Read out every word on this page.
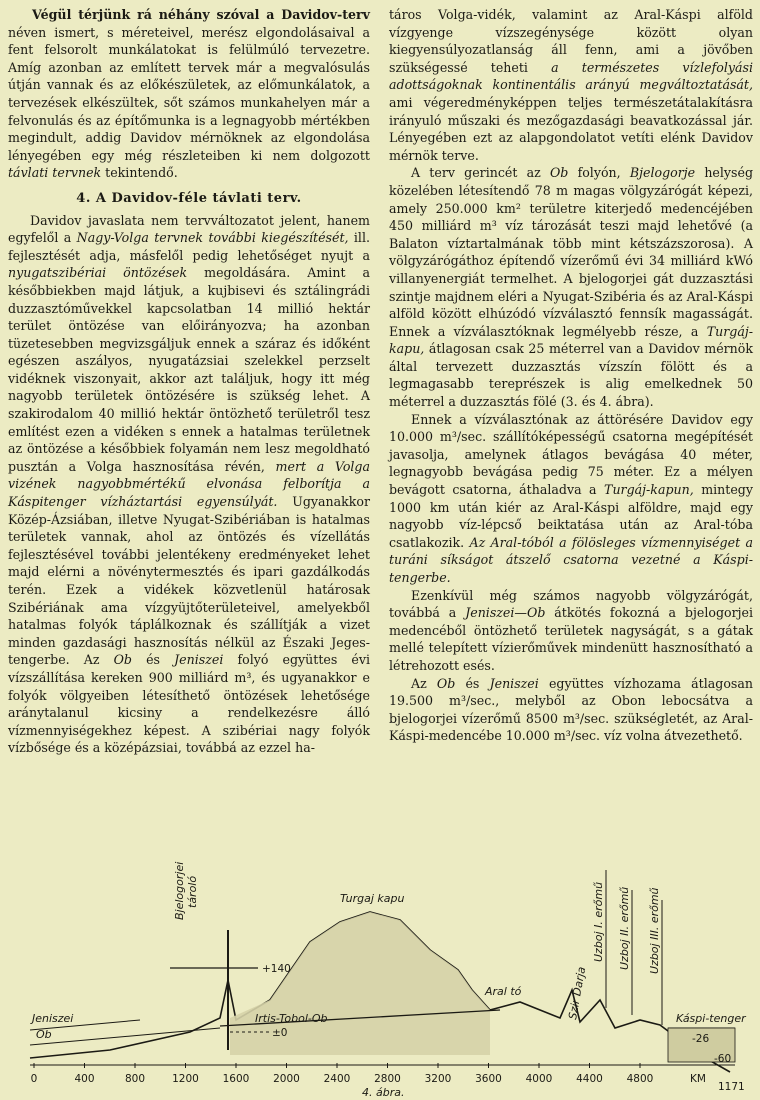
Végül térjünk rá néhány szóval a Davidov-terv néven ismert, s méreteivel, merész elgondolásaival a fent felsorolt munkálatokat is felülmúló tervezetre. Amíg azonban az említett tervek már a megvalósulás útján vannak és az előkészületek, az előmunkálatok, a tervezések elkészültek, sőt számos munkahelyen már a felvonulás és az építőmunka is a legnagyobb mértékben megindult, addig Davidov mérnöknek az elgondolása lényegében egy még részleteiben ki nem dolgozott távlati tervnek tekintendő.

4. A Davidov-féle távlati terv.

Davidov javaslata nem tervváltozatot jelent, hanem egyfelől a Nagy-Volga tervnek további kiegészítését, ill. fejlesztését adja, másfelől pedig lehetőséget nyujt a nyugatszibériai öntözések megoldására. Amint a későbbiekben majd látjuk, a kujbisevi és sztálingrádi duzzasztóművekkel kapcsolatban 14 millió hektár terület öntözése van előirányozva; ha azonban tüzetesebben megvizsgáljuk ennek a száraz és időként egészen aszályos, nyugatázsiai szelekkel perzselt vidéknek viszonyait, akkor azt találjuk, hogy itt még nagyobb területek öntözésére is szükség lehet. A szakirodalom 40 millió hektár öntözhető területről tesz említést ezen a vidéken s ennek a hatalmas területnek az öntözése a későbbiek folyamán nem lesz megoldható pusztán a Volga hasznosítása révén, mert a Volga vizének nagyobbmértékű elvonása felborítja a Káspitenger vízháztartási egyensúlyát. Ugyanakkor Közép-Ázsiában, illetve Nyugat-Szibériában is hatalmas területek vannak, ahol az öntözés és vízellátás fejlesztésével további jelentékeny eredményeket lehet majd elérni a növénytermesztés és ipari gazdálkodás terén. Ezek a vidékek közvetlenül határosak Szibériának ama vízgyüjtőterületeivel, amelyekből hatalmas folyók táplálkoznak és szállítják a vizet minden gazdasági hasznosítás nélkül az Északi Jeges-tengerbe. Az Ob és Jeniszei folyó együttes évi vízszállítása kereken 900 milliárd m³, és ugyanakkor e folyók völgyeiben létesíthető öntözések lehetősége aránytalanul kicsiny a rendelkezésre álló vízmennyiségekhez képest. A szibériai nagy folyók vízbősége és a középázsiai, továbbá az ezzel ha-

táros Volga-vidék, valamint az Aral-Káspi alföld vízgyenge vízszegénysége között olyan kiegyensúlyozatlanság áll fenn, ami a jövőben szükségessé teheti a természetes vízlefolyási adottságoknak kontinentális arányú megváltoztatását, ami végeredményképpen teljes természetátalakításra irányuló műszaki és mezőgazdasági beavatkozással jár. Lényegében ezt az alapgondolatot vetíti elénk Davidov mérnök terve.

A terv gerincét az Ob folyón, Bjelogorje helység közelében létesítendő 78 m magas völgyzárógát képezi, amely 250.000 km² területre kiterjedő medencéjében 450 milliárd m³ víz tározását teszi majd lehetővé (a Balaton víztartalmának több mint kétszázszorosa). A völgyzárógáthoz építendő vízerőmű évi 34 milliárd kWó villanyenergiát termelhet. A bjelogorjei gát duzzasztási szintje majdnem eléri a Nyugat-Szibéria és az Aral-Káspi alföld között elhúzódó vízválasztó fennsík magasságát. Ennek a vízválasztóknak legmélyebb része, a Turgáj-kapu, átlagosan csak 25 méterrel van a Davidov mérnök által tervezett duzzasztás vízszín fölött és a legmagasabb tereprészek is alig emelkednek 50 méterrel a duzzasztás fölé (3. és 4. ábra).

Ennek a vízválasztónak az áttörésére Davidov egy 10.000 m³/sec. szállítóképességű csatorna megépítését javasolja, amelynek átlagos bevágása 40 méter, legnagyobb bevágása pedig 75 méter. Ez a mélyen bevágott csatorna, áthaladva a Turgáj-kapun, mintegy 1000 km után kiér az Aral-Káspi alföldre, majd egy nagyobb víz-lépcső beiktatása után az Aral-tóba csatlakozik. Az Aral-tóból a fölösleges vízmennyiséget a turáni síkságot átszelő csatorna vezetné a Káspi-tengerbe.

Ezenkívül még számos nagyobb völgyzárógát, továbbá a Jeniszei—Ob átkötés fokozná a bjelogorjei medencéből öntözhető területek nagyságát, s a gátak mellé telepített vízierőművek mindenütt hasznosítható a létrehozott esés.

Az Ob és Jeniszei együttes vízhozama átlagosan 19.500 m³/sec., melyből az Obon lebocsátva a bjelogorjei vízerőmű 8500 m³/sec. szükségletét, az Aral-Káspi-medencébe 10.000 m³/sec. víz volna átvezethető.

Jeniszei
Ob
Bjelogorjei tároló
Irtis-Tobol-Ob
Turgaj kapu
Aral tó	Szir Darja
Uzboj I. erőmű Uzboj II. erőmű Uzboj III. erőmű
Káspi-tenger
+140
±0	-26
-60
0	400	800	1200 1600 2000 2400 2800 3200 3600 4000 4400 4800	KM
1171
4. ábra.
